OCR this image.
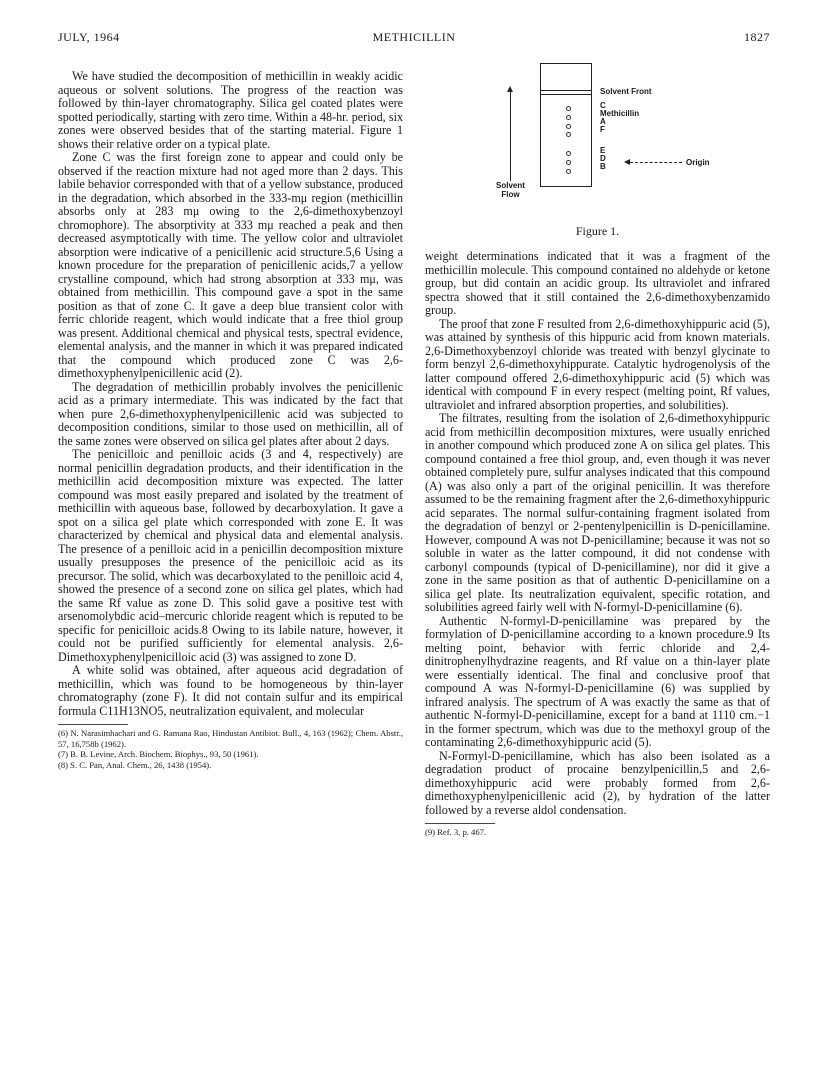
JULY, 1964	METHICILLIN	1827
Solvent
Flow
Solvent Front
C
Methicillin
A
F
E
D
B	Origin
Figure 1.

We have studied the decomposition of methicillin in weakly acidic aqueous or solvent solutions. The progress of the reaction was followed by thin-layer chromatography. Silica gel coated plates were spotted periodically, starting with zero time. Within a 48-hr. period, six zones were observed besides that of the starting material. Figure 1 shows their relative order on a typical plate.

Zone C was the first foreign zone to appear and could only be observed if the reaction mixture had not aged more than 2 days. This labile behavior corresponded with that of a yellow substance, produced in the degradation, which absorbed in the 333-mμ region (methicillin absorbs only at 283 mμ owing to the 2,6-dimethoxybenzoyl chromophore). The absorptivity at 333 mμ reached a peak and then decreased asymptotically with time. The yellow color and ultraviolet absorption were indicative of a penicillenic acid structure.5,6 Using a known procedure for the preparation of penicillenic acids,7 a yellow crystalline compound, which had strong absorption at 333 mμ, was obtained from methicillin. This compound gave a spot in the same position as that of zone C. It gave a deep blue transient color with ferric chloride reagent, which would indicate that a free thiol group was present. Additional chemical and physical tests, spectral evidence, elemental analysis, and the manner in which it was prepared indicated that the compound which produced zone C was 2,6-dimethoxyphenylpenicillenic acid (2).

The degradation of methicillin probably involves the penicillenic acid as a primary intermediate. This was indicated by the fact that when pure 2,6-dimethoxyphenylpenicillenic acid was subjected to decomposition conditions, similar to those used on methicillin, all of the same zones were observed on silica gel plates after about 2 days.

The penicilloic and penilloic acids (3 and 4, respectively) are normal penicillin degradation products, and their identification in the methicillin acid decomposition mixture was expected. The latter compound was most easily prepared and isolated by the treatment of methicillin with aqueous base, followed by decarboxylation. It gave a spot on a silica gel plate which corresponded with zone E. It was characterized by chemical and physical data and elemental analysis. The presence of a penilloic acid in a penicillin decomposition mixture usually presupposes the presence of the penicilloic acid as its precursor. The solid, which was decarboxylated to the penilloic acid 4, showed the presence of a second zone on silica gel plates, which had the same Rf value as zone D. This solid gave a positive test with arsenomolybdic acid–mercuric chloride reagent which is reputed to be specific for penicilloic acids.8 Owing to its labile nature, however, it could not be purified sufficiently for elemental analysis. 2,6-Dimethoxyphenylpenicilloic acid (3) was assigned to zone D.

A white solid was obtained, after aqueous acid degradation of methicillin, which was found to be homogeneous by thin-layer chromatography (zone F). It did not contain sulfur and its empirical formula C11H13NO5, neutralization equivalent, and molecular

(6) N. Narasimhachari and G. Ramana Rao, Hindustan Antibiot. Bull., 4, 163 (1962); Chem. Abstr., 57, 16,758b (1962).
(7) B. B. Levine, Arch. Biochem. Biophys., 93, 50 (1961).
(8) S. C. Pan, Anal. Chem., 26, 1438 (1954).

weight determinations indicated that it was a fragment of the methicillin molecule. This compound contained no aldehyde or ketone group, but did contain an acidic group. Its ultraviolet and infrared spectra showed that it still contained the 2,6-dimethoxybenzamido group.

The proof that zone F resulted from 2,6-dimethoxyhippuric acid (5), was attained by synthesis of this hippuric acid from known materials. 2,6-Dimethoxybenzoyl chloride was treated with benzyl glycinate to form benzyl 2,6-dimethoxyhippurate. Catalytic hydrogenolysis of the latter compound offered 2,6-dimethoxyhippuric acid (5) which was identical with compound F in every respect (melting point, Rf values, ultraviolet and infrared absorption properties, and solubilities).

The filtrates, resulting from the isolation of 2,6-dimethoxyhippuric acid from methicillin decomposition mixtures, were usually enriched in another compound which produced zone A on silica gel plates. This compound contained a free thiol group, and, even though it was never obtained completely pure, sulfur analyses indicated that this compound (A) was also only a part of the original penicillin. It was therefore assumed to be the remaining fragment after the 2,6-dimethoxyhippuric acid separates. The normal sulfur-containing fragment isolated from the degradation of benzyl or 2-pentenylpenicillin is D-penicillamine. However, compound A was not D-penicillamine; because it was not so soluble in water as the latter compound, it did not condense with carbonyl compounds (typical of D-penicillamine), nor did it give a zone in the same position as that of authentic D-penicillamine on a silica gel plate. Its neutralization equivalent, specific rotation, and solubilities agreed fairly well with N-formyl-D-penicillamine (6).

Authentic N-formyl-D-penicillamine was prepared by the formylation of D-penicillamine according to a known procedure.9 Its melting point, behavior with ferric chloride and 2,4-dinitrophenylhydrazine reagents, and Rf value on a thin-layer plate were essentially identical. The final and conclusive proof that compound A was N-formyl-D-penicillamine (6) was supplied by infrared analysis. The spectrum of A was exactly the same as that of authentic N-formyl-D-penicillamine, except for a band at 1110 cm.−1 in the former spectrum, which was due to the methoxyl group of the contaminating 2,6-dimethoxyhippuric acid (5).

N-Formyl-D-penicillamine, which has also been isolated as a degradation product of procaine benzylpenicillin,5 and 2,6-dimethoxyhippuric acid were probably formed from 2,6-dimethoxyphenylpenicillenic acid (2), by hydration of the latter followed by a reverse aldol condensation.

(9) Ref. 3, p. 467.
